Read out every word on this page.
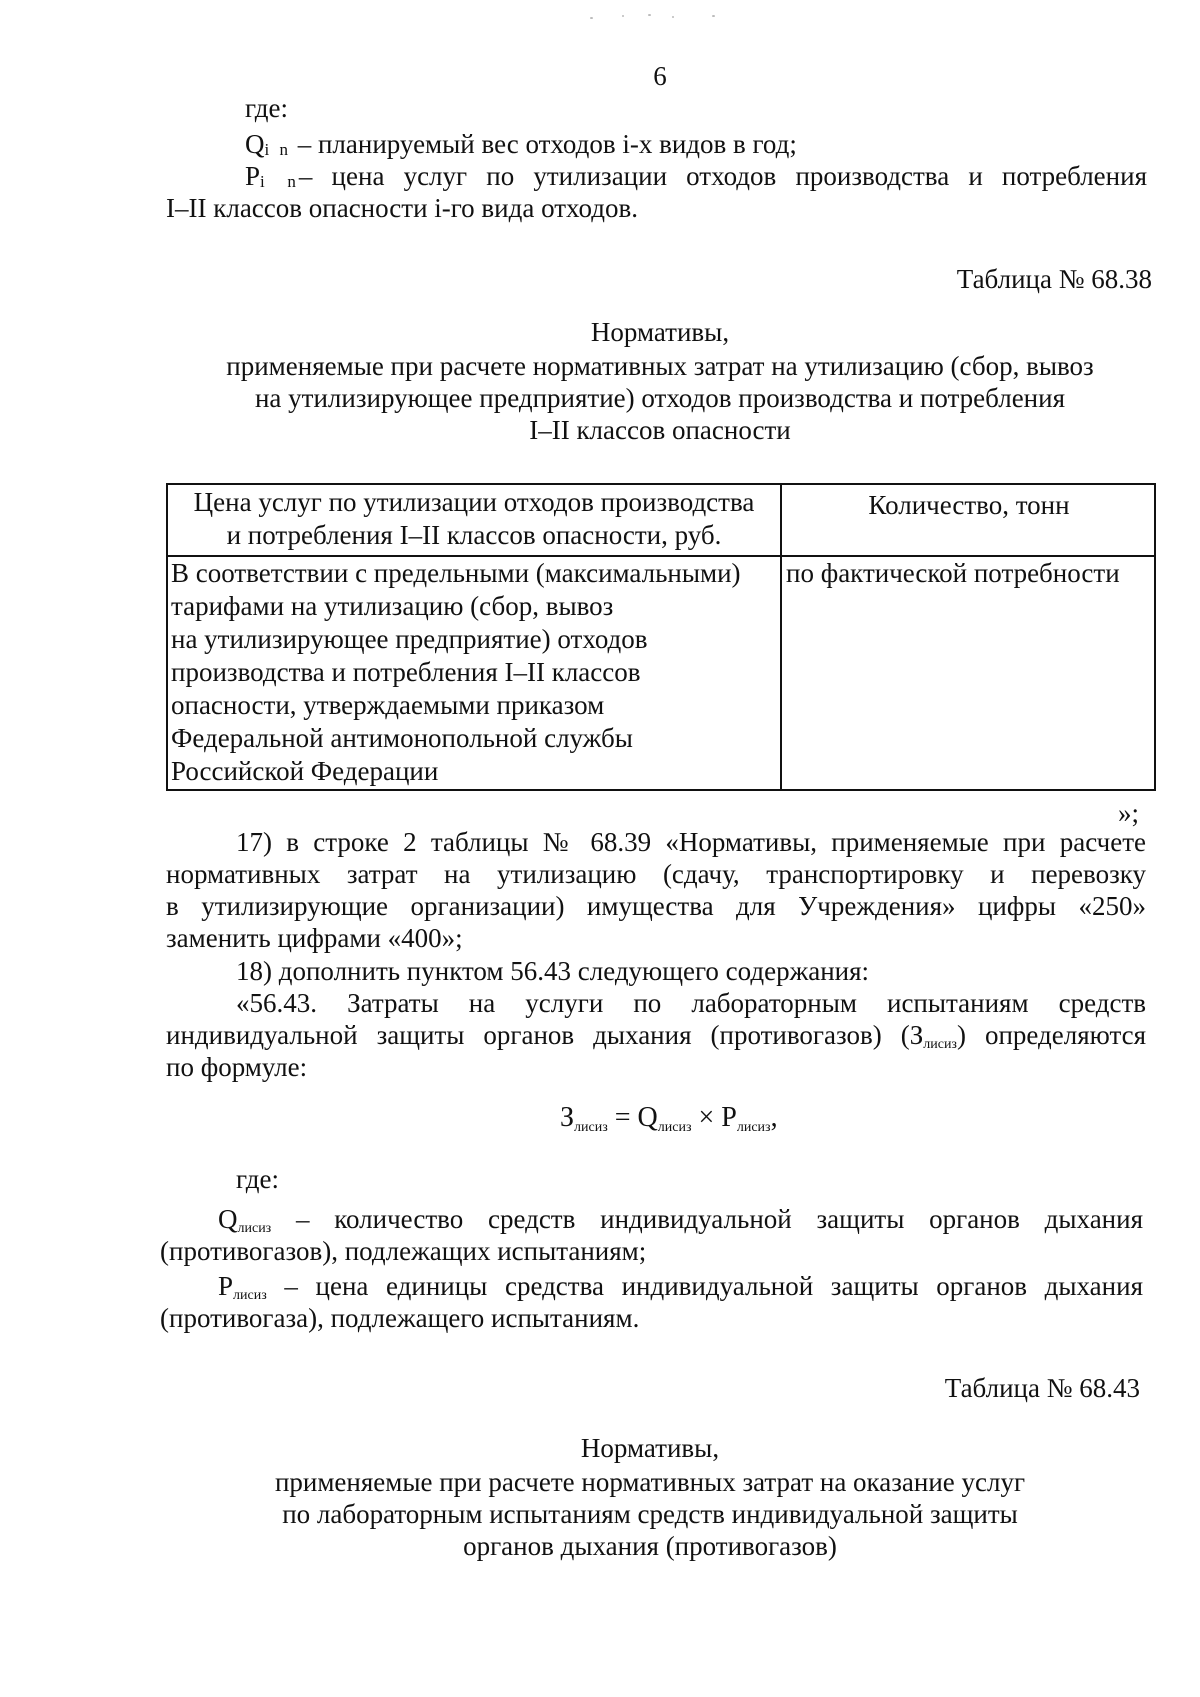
6
где:
Qi n – планируемый вес отходов i-х видов в год;
Pi n– цена услуг по утилизации отходов производства и потребления
I–II классов опасности i-го вида отходов.
Таблица № 68.38
Нормативы,
применяемые при расчете нормативных затрат на утилизацию (сбор, вывоз
на утилизирующее предприятие) отходов производства и потребления
I–II классов опасности
Цена услуг по утилизации отходов производства
и потребления I–II классов опасности, руб.
Количество, тонн
В соответствии с предельными (максимальными)
тарифами на утилизацию (сбор, вывоз
на утилизирующее предприятие) отходов
производства и потребления I–II классов
опасности, утверждаемыми приказом
Федеральной антимонопольной службы
Российской Федерации
по фактической потребности
»;
17) в строке 2 таблицы № 68.39 «Нормативы, применяемые при расчете
нормативных затрат на утилизацию (сдачу, транспортировку и перевозку
в утилизирующие организации) имущества для Учреждения» цифры «250»
заменить цифрами «400»;
18) дополнить пунктом 56.43 следующего содержания:
«56.43. Затраты на услуги по лабораторным испытаниям средств
индивидуальной защиты органов дыхания (противогазов) $(З_{лисиз})$ определяются
по формуле:
$З_{лисиз} = Q_{лисиз} \times P_{лисиз}$,
где:
$Q_{лисиз}$ – количество средств индивидуальной защиты органов дыхания
(противогазов), подлежащих испытаниям;
$Р_{лисиз}$ – цена единицы средства индивидуальной защиты органов дыхания
(противогаза), подлежащего испытаниям.
Таблица № 68.43
Нормативы,
применяемые при расчете нормативных затрат на оказание услуг
по лабораторным испытаниям средств индивидуальной защиты
органов дыхания (противогазов)
